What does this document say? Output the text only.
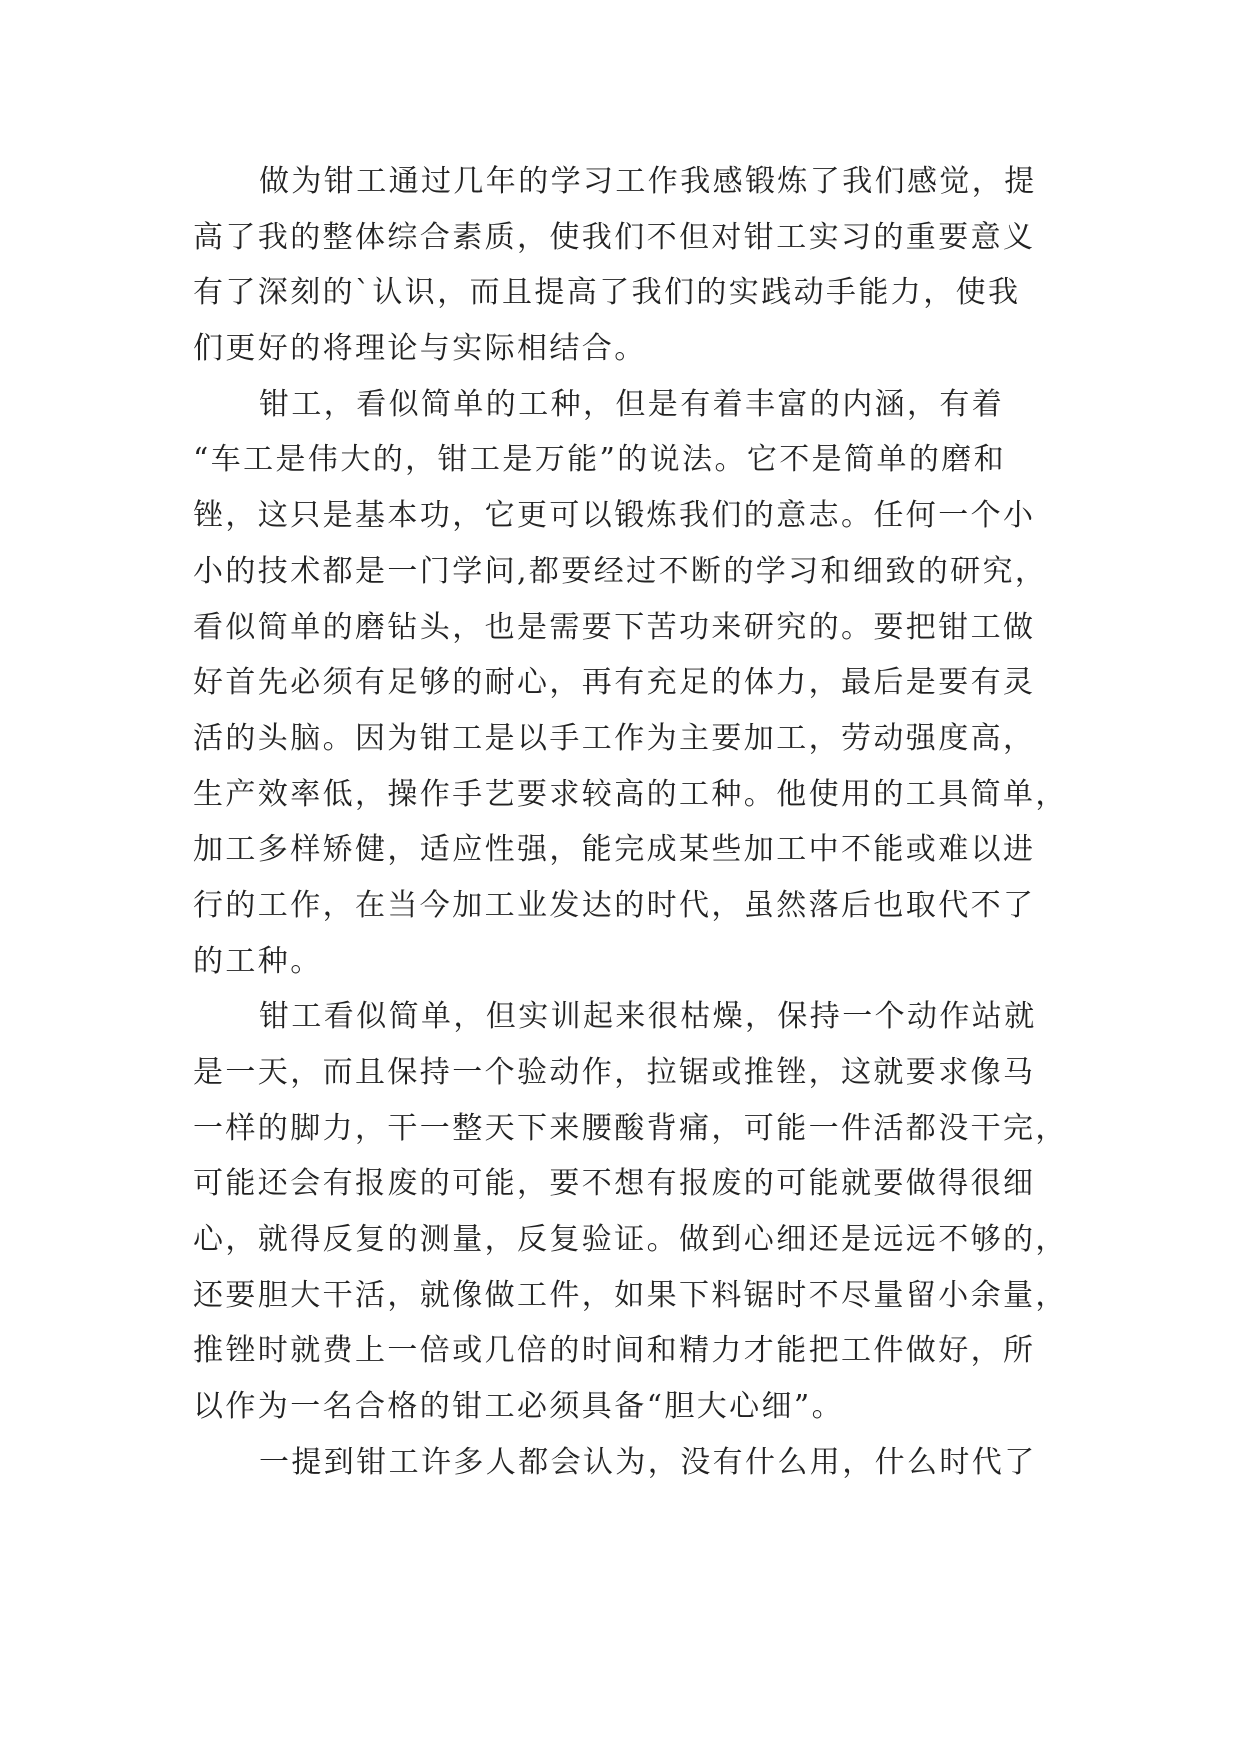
做为钳工通过几年的学习工作我感锻炼了我们感觉，提
高了我的整体综合素质，使我们不但对钳工实习的重要意义
有了深刻的`认识，而且提高了我们的实践动手能力，使我
们更好的将理论与实际相结合。
钳工，看似简单的工种，但是有着丰富的内涵，有着
“车工是伟大的，钳工是万能”的说法。它不是简单的磨和
锉，这只是基本功，它更可以锻炼我们的意志。任何一个小
小的技术都是一门学问,都要经过不断的学习和细致的研究，
看似简单的磨钻头，也是需要下苦功来研究的。要把钳工做
好首先必须有足够的耐心，再有充足的体力，最后是要有灵
活的头脑。因为钳工是以手工作为主要加工，劳动强度高，
生产效率低，操作手艺要求较高的工种。他使用的工具简单，
加工多样矫健，适应性强，能完成某些加工中不能或难以进
行的工作，在当今加工业发达的时代，虽然落后也取代不了
的工种。
钳工看似简单，但实训起来很枯燥，保持一个动作站就
是一天，而且保持一个验动作，拉锯或推锉，这就要求像马
一样的脚力，干一整天下来腰酸背痛，可能一件活都没干完，
可能还会有报废的可能，要不想有报废的可能就要做得很细
心，就得反复的测量，反复验证。做到心细还是远远不够的，
还要胆大干活，就像做工件，如果下料锯时不尽量留小余量，
推锉时就费上一倍或几倍的时间和精力才能把工件做好，所
以作为一名合格的钳工必须具备“胆大心细”。
一提到钳工许多人都会认为，没有什么用，什么时代了
